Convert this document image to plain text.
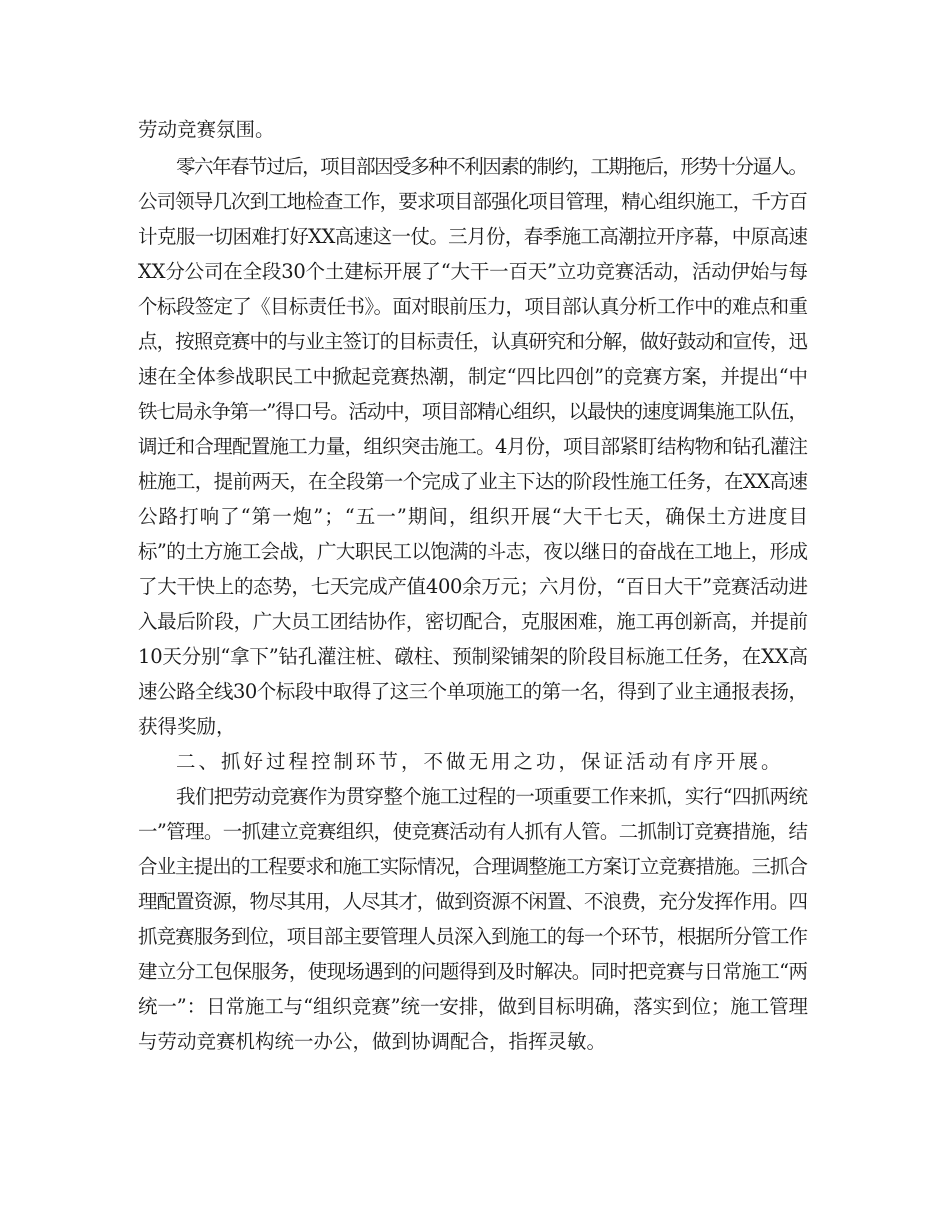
劳动竞赛氛围。
零六年春节过后，项目部因受多种不利因素的制约，工期拖后，形势十分逼人。
公司领导几次到工地检查工作，要求项目部强化项目管理，精心组织施工，千方百
计克服一切困难打好XX高速这一仗。三月份，春季施工高潮拉开序幕，中原高速
XX分公司在全段30个土建标开展了“大干一百天”立功竞赛活动，活动伊始与每
个标段签定了《目标责任书》。面对眼前压力，项目部认真分析工作中的难点和重
点，按照竞赛中的与业主签订的目标责任，认真研究和分解，做好鼓动和宣传，迅
速在全体参战职民工中掀起竞赛热潮，制定“四比四创”的竞赛方案，并提出“中
铁七局永争第一”得口号。活动中，项目部精心组织，以最快的速度调集施工队伍，
调迁和合理配置施工力量，组织突击施工。4月份，项目部紧盯结构物和钻孔灌注
桩施工，提前两天，在全段第一个完成了业主下达的阶段性施工任务，在XX高速
公路打响了“第一炮”；“五一”期间，组织开展“大干七天，确保土方进度目
标”的土方施工会战，广大职民工以饱满的斗志，夜以继日的奋战在工地上，形成
了大干快上的态势，七天完成产值400余万元；六月份，“百日大干”竞赛活动进
入最后阶段，广大员工团结协作，密切配合，克服困难，施工再创新高，并提前
10天分别“拿下”钻孔灌注桩、礅柱、预制梁铺架的阶段目标施工任务，在XX高
速公路全线30个标段中取得了这三个单项施工的第一名，得到了业主通报表扬，
获得奖励，
二、抓好过程控制环节，不做无用之功，保证活动有序开展。
我们把劳动竞赛作为贯穿整个施工过程的一项重要工作来抓，实行“四抓两统
一”管理。一抓建立竞赛组织，使竞赛活动有人抓有人管。二抓制订竞赛措施，结
合业主提出的工程要求和施工实际情况，合理调整施工方案订立竞赛措施。三抓合
理配置资源，物尽其用，人尽其才，做到资源不闲置、不浪费，充分发挥作用。四
抓竞赛服务到位，项目部主要管理人员深入到施工的每一个环节，根据所分管工作
建立分工包保服务，使现场遇到的问题得到及时解决。同时把竞赛与日常施工“两
统一”：日常施工与“组织竞赛”统一安排，做到目标明确，落实到位；施工管理
与劳动竞赛机构统一办公，做到协调配合，指挥灵敏。
